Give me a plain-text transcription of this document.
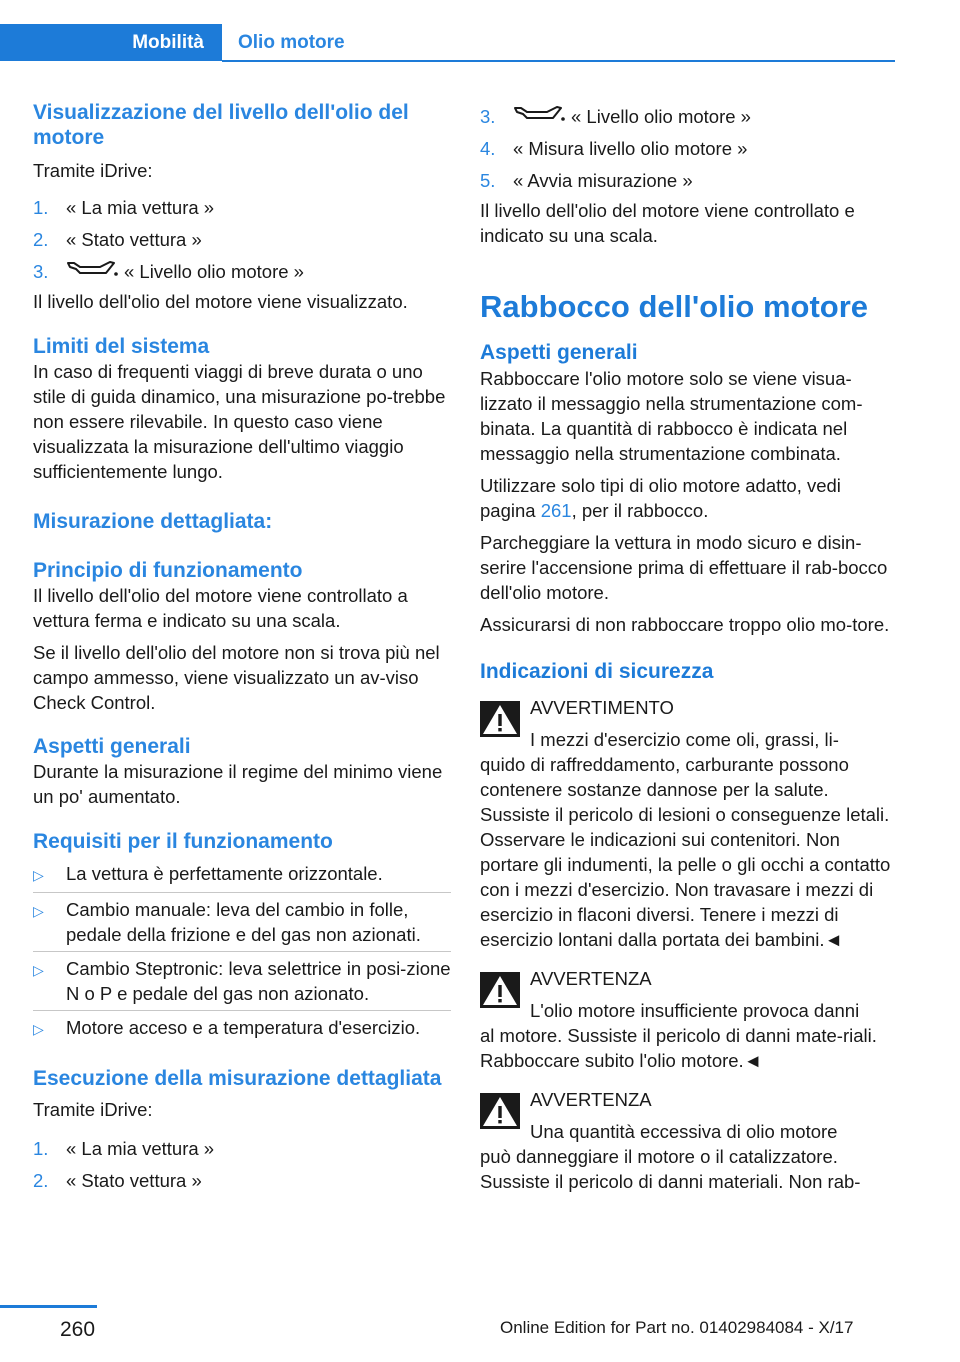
Mobilità	Olio motore
Visualizzazione del livello dell'olio del motore

Tramite iDrive:

1. « La mia vettura »
2. « Stato vettura »
3.	« Livello olio motore »

Il livello dell'olio del motore viene visualizzato.

Limiti del sistema

In caso di frequenti viaggi di breve durata o uno stile di guida dinamico, una misurazione po-trebbe non essere rilevabile. In questo caso viene visualizzata la misurazione dell'ultimo viaggio sufficientemente lungo.

Misurazione dettagliata:
Principio di funzionamento

Il livello dell'olio del motore viene controllato a vettura ferma e indicato su una scala.

Se il livello dell'olio del motore non si trova più nel campo ammesso, viene visualizzato un av-viso Check Control.

Aspetti generali

Durante la misurazione il regime del minimo viene un po' aumentato.

Requisiti per il funzionamento
▷	La vettura è perfettamente orizzontale.
▷	Cambio manuale: leva del cambio in folle, pedale della frizione e del gas non azionati.
▷	Cambio Steptronic: leva selettrice in posi-zione N o P e pedale del gas non azionato.
▷	Motore acceso e a temperatura d'esercizio.
Esecuzione della misurazione dettagliata

Tramite iDrive:

1. « La mia vettura »
2. « Stato vettura »
3.	« Livello olio motore »
4. « Misura livello olio motore »
5. « Avvia misurazione »

Il livello dell'olio del motore viene controllato e indicato su una scala.

Rabbocco dell'olio motore
Aspetti generali

Rabboccare l'olio motore solo se viene visua-lizzato il messaggio nella strumentazione com-binata. La quantità di rabbocco è indicata nel messaggio nella strumentazione combinata.

Utilizzare solo tipi di olio motore adatto, vedi pagina 261, per il rabbocco.

Parcheggiare la vettura in modo sicuro e disin-serire l'accensione prima di effettuare il rab-bocco dell'olio motore.

Assicurarsi di non rabboccare troppo olio mo-tore.

Indicazioni di sicurezza
AVVERTIMENTO
I mezzi d'esercizio come oli, grassi, li-

quido di raffreddamento, carburante possono contenere sostanze dannose per la salute. Sussiste il pericolo di lesioni o conseguenze letali. Osservare le indicazioni sui contenitori. Non portare gli indumenti, la pelle o gli occhi a contatto con i mezzi d'esercizio. Non travasare i mezzi di esercizio in flaconi diversi. Tenere i mezzi di esercizio lontani dalla portata dei bambini.◄

AVVERTENZA
L'olio motore insufficiente provoca danni

al motore. Sussiste il pericolo di danni mate-riali. Rabboccare subito l'olio motore.◄

AVVERTENZA
Una quantità eccessiva di olio motore

può danneggiare il motore o il catalizzatore. Sussiste il pericolo di danni materiali. Non rab-

260	Online Edition for Part no. 01402984084 - X/17
